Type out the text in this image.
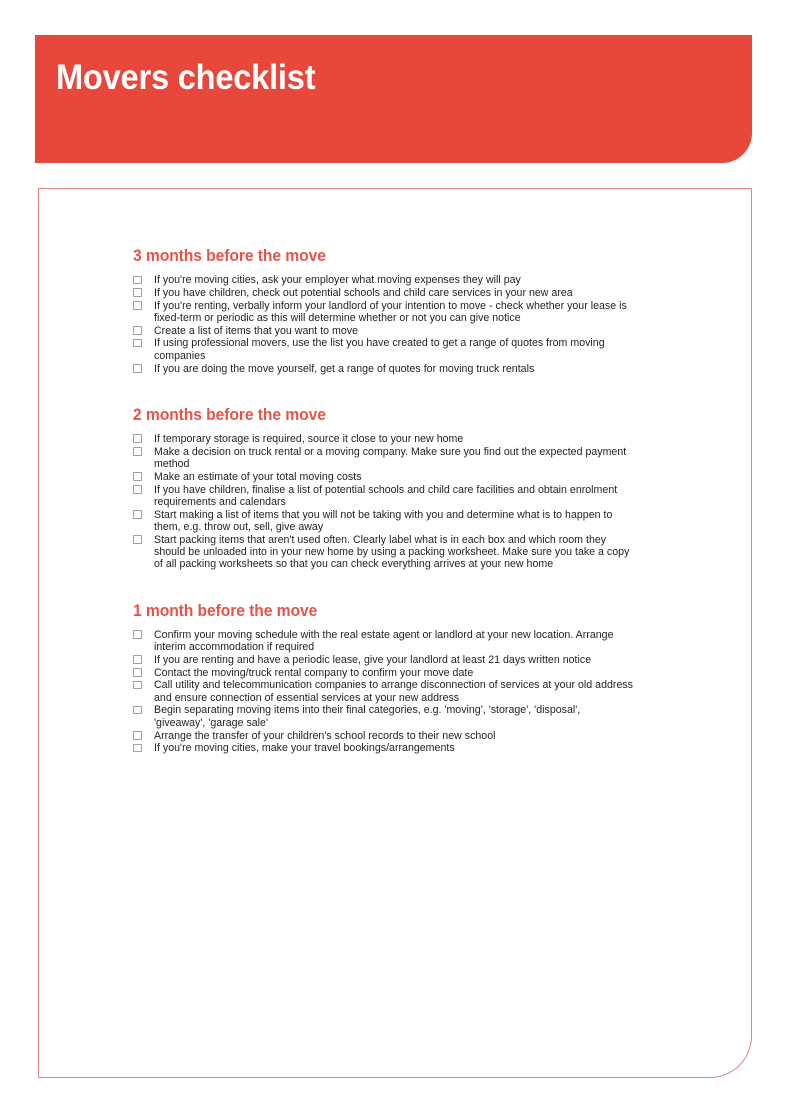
Movers checklist
3 months before the move
If you're moving cities, ask your employer what moving expenses they will pay
If you have children, check out potential schools and child care services in your new area
If you're renting, verbally inform your landlord of your intention to move - check whether your lease is fixed-term or periodic as this will determine whether or not you can give notice
Create a list of items that you want to move
If using professional movers, use the list you have created to get a range of quotes from moving companies
If you are doing the move yourself, get a range of quotes for moving truck rentals
2 months before the move
If temporary storage is required, source it close to your new home
Make a decision on truck rental or a moving company. Make sure you find out the expected payment method
Make an estimate of your total moving costs
If you have children, finalise a list of potential schools and child care facilities and obtain enrolment requirements and calendars
Start making a list of items that you will not be taking with you and determine what is to happen to them, e.g. throw out, sell, give away
Start packing items that aren't used often. Clearly label what is in each box and which room they should be unloaded into in your new home by using a packing worksheet. Make sure you take a copy of all packing worksheets so that you can check everything arrives at your new home
1 month before the move
Confirm your moving schedule with the real estate agent or landlord at your new location. Arrange interim accommodation if required
If you are renting and have a periodic lease, give your landlord at least 21 days written notice
Contact the moving/truck rental company to confirm your move date
Call utility and telecommunication companies to arrange disconnection of services at your old address and ensure connection of essential services at your new address
Begin separating moving items into their final categories, e.g. 'moving', 'storage', 'disposal', 'giveaway', 'garage sale'
Arrange the transfer of your children's school records to their new school
If you're moving cities, make your travel bookings/arrangements
